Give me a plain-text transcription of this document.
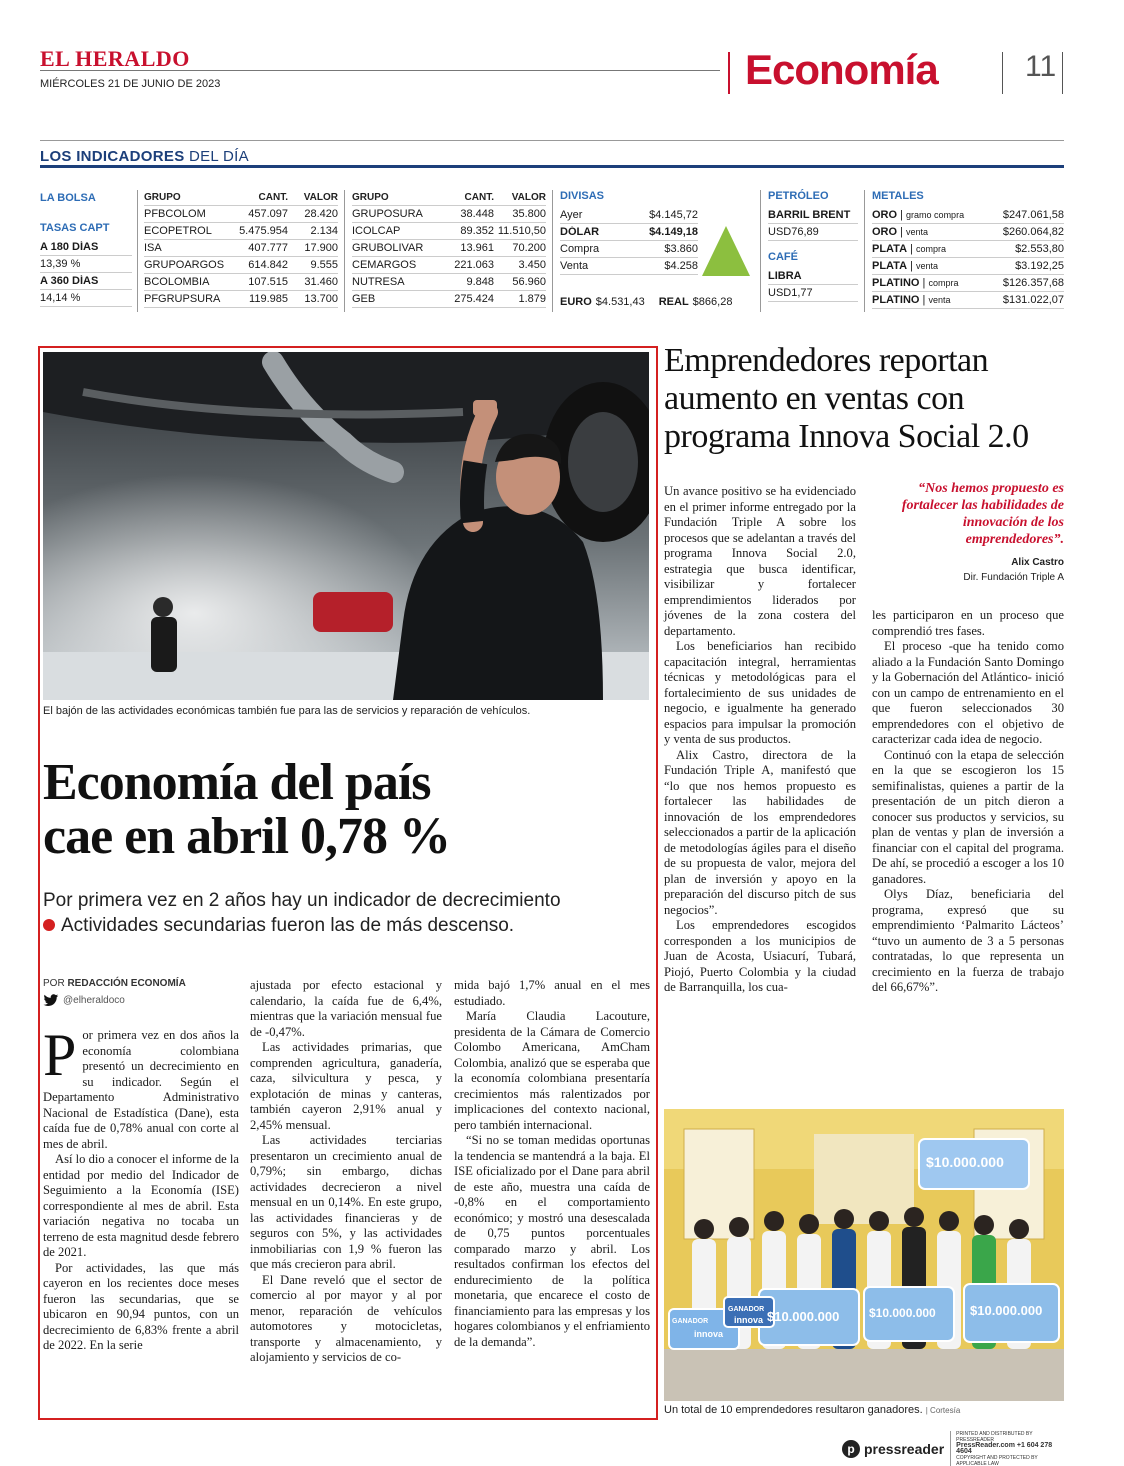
EL HERALDO
MIÉRCOLES 21 DE JUNIO DE 2023	Economía	11
LOS INDICADORES DEL DÍA
LA BOLSA
TASAS CAPT
A 180 DÍAS
13,39 %
A 360 DÍAS
14,14 %
GRUPO	CANT.	VALOR
PFBCOLOM	457.097	28.420
ECOPETROL	5.475.954	2.134
ISA	407.777	17.900
GRUPOARGOS	614.842	9.555
BCOLOMBIA	107.515	31.460
PFGRUPSURA	119.985	13.700
GRUPO	CANT.	VALOR
GRUPOSURA	38.448	35.800
ICOLCAP	89.352 11.510,50
GRUBOLIVAR	13.961	70.200
CEMARGOS	221.063	3.450
NUTRESA	9.848	56.960
GEB	275.424	1.879
DIVISAS
Ayer	$4.145,72
DÓLAR	$4.149,18
Compra	$3.860
Venta	$4.258
EURO $4.531,43 REAL $866,28
PETRÓLEO
BARRIL BRENT
USD76,89
CAFÉ
LIBRA
USD1,77
METALES
ORO | gramo compra	$247.061,58
ORO | venta	$260.064,82
PLATA | compra	$2.553,80
PLATA | venta	$3.192,25
PLATINO | compra	$126.357,68
PLATINO | venta	$131.022,07
El bajón de las actividades económicas también fue para las de servicios y reparación de vehículos.
Economía del país
cae en abril 0,78 %
Por primera vez en 2 años hay un indicador de decrecimiento
Actividades secundarias fueron las de más descenso.
POR REDACCIÓN ECONOMÍA
@elheraldoco

Por primera vez en dos años la economía colombiana presentó un decrecimiento en su indicador. Según el Departamento Administrativo Nacional de Estadística (Dane), esta caída fue de 0,78% anual con corte al mes de abril.

Así lo dio a conocer el informe de la entidad por medio del Indicador de Seguimiento a la Economía (ISE) correspondiente al mes de abril. Esta variación negativa no tocaba un terreno de esta magnitud desde febrero de 2021.

Por actividades, las que más cayeron en los recientes doce meses fueron las secundarias, que se ubicaron en 90,94 puntos, con un decrecimiento de 6,83% frente a abril de 2022. En la serie

ajustada por efecto estacional y calendario, la caída fue de 6,4%, mientras que la variación mensual fue de -0,47%.

Las actividades primarias, que comprenden agricultura, ganadería, caza, silvicultura y pesca, y explotación de minas y canteras, también cayeron 2,91% anual y 2,45% mensual.

Las actividades terciarias presentaron un crecimiento anual de 0,79%; sin embargo, dichas actividades decrecieron a nivel mensual en un 0,14%. En este grupo, las actividades financieras y de seguros con 5%, y las actividades inmobiliarias con 1,9 % fueron las que más crecieron para abril.

El Dane reveló que el sector de comercio al por mayor y al por menor, reparación de vehículos automotores y motocicletas, transporte y almacenamiento, y alojamiento y servicios de co-

mida bajó 1,7% anual en el mes estudiado.

María Claudia Lacouture, presidenta de la Cámara de Comercio Colombo Americana, AmCham Colombia, analizó que se esperaba que la economía colombiana presentaría crecimientos más ralentizados por implicaciones del contexto nacional, pero también internacional.

“Si no se toman medidas oportunas la tendencia se mantendrá a la baja. El ISE oficializado por el Dane para abril de este año, muestra una caída de -0,8% en el comportamiento económico; y mostró una desescalada de 0,75 puntos porcentuales comparado marzo y abril. Los resultados confirman los efectos del endurecimiento de la política monetaria, que encarece el costo de financiamiento para las empresas y los hogares colombianos y el enfriamiento de la demanda”.

Emprendedores reportan aumento en ventas con programa Innova Social 2.0

Un avance positivo se ha evidenciado en el primer informe entregado por la Fundación Triple A sobre los procesos que se adelantan a través del programa Innova Social 2.0, estrategia que busca identificar, visibilizar y fortalecer emprendimientos liderados por jóvenes de la zona costera del departamento.

Los beneficiarios han recibido capacitación integral, herramientas técnicas y metodológicas para el fortalecimiento de sus unidades de negocio, e igualmente ha generado espacios para impulsar la promoción y venta de sus productos.

Alix Castro, directora de la Fundación Triple A, manifestó que “lo que nos hemos propuesto es fortalecer las habilidades de innovación de los emprendedores seleccionados a partir de la aplicación de metodologías ágiles para el diseño de su propuesta de valor, mejora del plan de inversión y apoyo en la preparación del discurso pitch de sus negocios”.

Los emprendedores escogidos corresponden a los municipios de Juan de Acosta, Usiacurí, Tubará, Piojó, Puerto Colombia y la ciudad de Barranquilla, los cua-

“Nos hemos propuesto es fortalecer las habilidades de innovación de los emprendedores”.
Alix Castro
Dir. Fundación Triple A

les participaron en un proceso que comprendió tres fases.

El proceso -que ha tenido como aliado a la Fundación Santo Domingo y la Gobernación del Atlántico- inició con un campo de entrenamiento en el que fueron seleccionados 30 emprendedores con el objetivo de caracterizar cada idea de negocio.

Continuó con la etapa de selección en la que se escogieron los 15 semifinalistas, quienes a partir de la presentación de un pitch dieron a conocer sus productos y servicios, su plan de ventas y plan de inversión a financiar con el capital del programa. De ahí, se procedió a escoger a los 10 ganadores.

Olys Díaz, beneficiaria del programa, expresó que su emprendimiento ‘Palmarito Lácteos’ “tuvo un aumento de 3 a 5 personas contratadas, lo que representa un crecimiento en la fuerza de trabajo del 66,67%”.

$10.000.000
$10.000.000 $10.000.000	$10.000.000
GANADOR
GANADOR	innova
innova
Un total de 10 emprendedores resultaron ganadores. | Cortesía
p pressreader
PRINTED AND DISTRIBUTED BY PRESSREADER
PressReader.com +1 604 278 4604
COPYRIGHT AND PROTECTED BY APPLICABLE LAW
